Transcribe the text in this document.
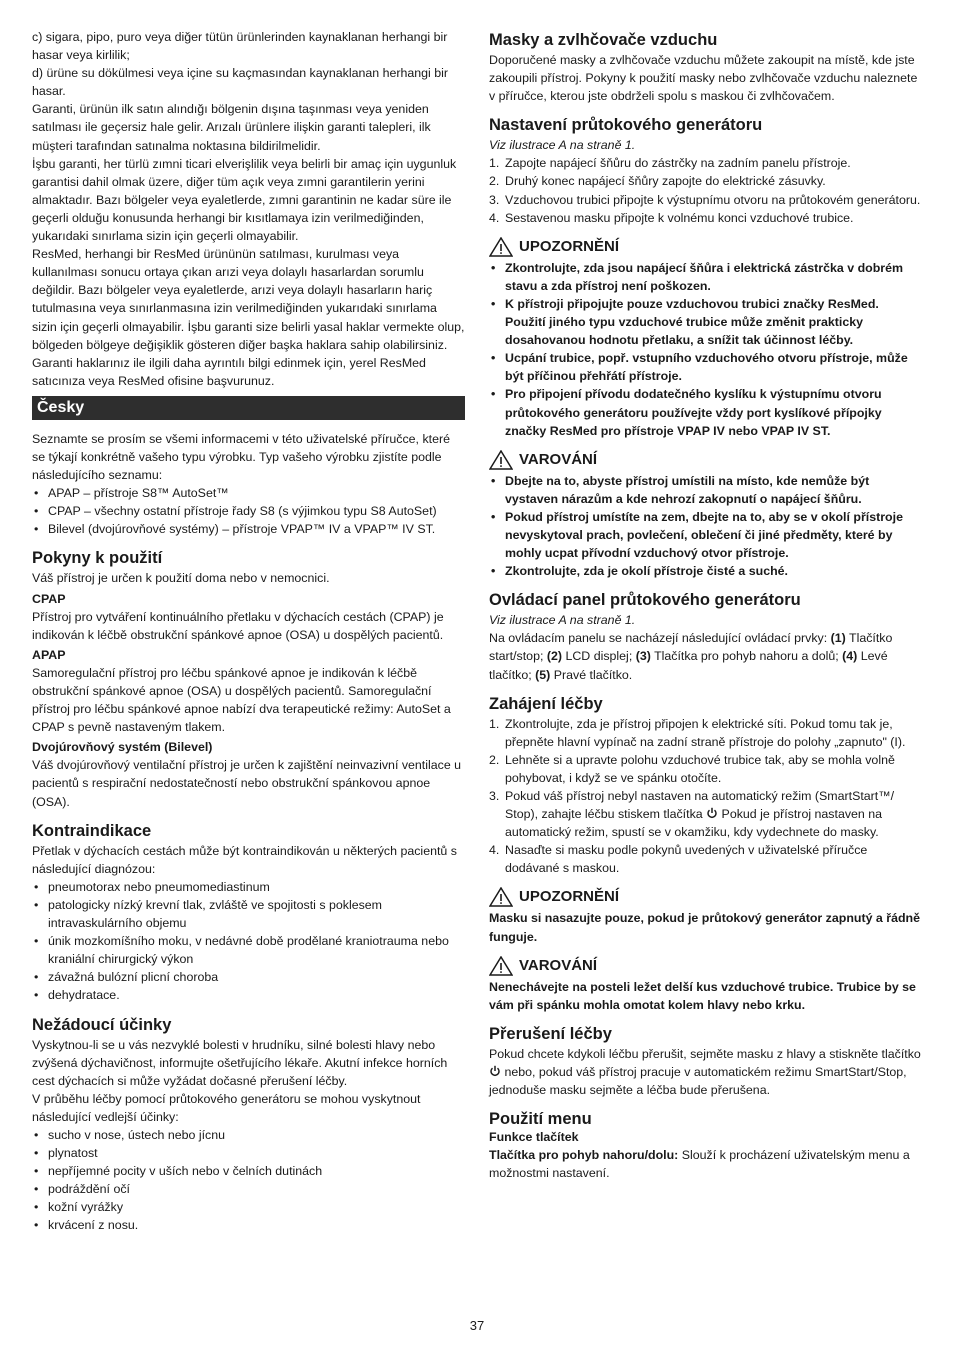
c) sigara, pipo, puro veya diğer tütün ürünlerinden kaynaklanan herhangi bir hasar veya kirlilik;

d) ürüne su dökülmesi veya içine su kaçmasından kaynaklanan herhangi bir hasar.

Garanti, ürünün ilk satın alındığı bölgenin dışına taşınması veya yeniden satılması ile geçersiz hale gelir. Arızalı ürünlere ilişkin garanti talepleri, ilk müşteri tarafından satınalma noktasına bildirilmelidir.

İşbu garanti, her türlü zımni ticari elverişlilik veya belirli bir amaç için uygunluk garantisi dahil olmak üzere, diğer tüm açık veya zımni garantilerin yerini almaktadır. Bazı bölgeler veya eyaletlerde, zımni garantinin ne kadar süre ile geçerli olduğu konusunda herhangi bir kısıtlamaya izin verilmediğinden, yukarıdaki sınırlama sizin için geçerli olmayabilir.

ResMed, herhangi bir ResMed ürününün satılması, kurulması veya kullanılması sonucu ortaya çıkan arızi veya dolaylı hasarlardan sorumlu değildir. Bazı bölgeler veya eyaletlerde, arızi veya dolaylı hasarların hariç tutulmasına veya sınırlanmasına izin verilmediğinden yukarıdaki sınırlama sizin için geçerli olmayabilir. İşbu garanti size belirli yasal haklar vermekte olup, bölgeden bölgeye değişiklik gösteren diğer başka haklara sahip olabilirsiniz.

Garanti haklarınız ile ilgili daha ayrıntılı bilgi edinmek için, yerel ResMed satıcınıza veya ResMed ofisine başvurunuz.

Česky

Seznamte se prosím se všemi informacemi v této uživatelské příručce, které se týkají konkrétně vašeho typu výrobku. Typ vašeho výrobku zjistíte podle následujícího seznamu:

• APAP – přístroje S8™ AutoSet™
• CPAP – všechny ostatní přístroje řady S8 (s výjimkou typu S8 AutoSet)
• Bilevel (dvojúrovňové systémy) – přístroje VPAP™ IV a VPAP™ IV ST.
Pokyny k použití

Váš přístroj je určen k použití doma nebo v nemocnici.

CPAP

Přístroj pro vytváření kontinuálního přetlaku v dýchacích cestách (CPAP) je indikován k léčbě obstrukční spánkové apnoe (OSA) u dospělých pacientů.

APAP

Samoregulační přístroj pro léčbu spánkové apnoe je indikován k léčbě obstrukční spánkové apnoe (OSA) u dospělých pacientů. Samoregulační přístroj pro léčbu spánkové apnoe nabízí dva terapeutické režimy: AutoSet a CPAP s pevně nastaveným tlakem.

Dvojúrovňový systém (Bilevel)

Váš dvojúrovňový ventilační přístroj je určen k zajištění neinvazivní ventilace u pacientů s respirační nedostatečností nebo obstrukční spánkovou apnoe (OSA).

Kontraindikace

Přetlak v dýchacích cestách může být kontraindikován u některých pacientů s následující diagnózou:

• pneumotorax nebo pneumomediastinum
• patologicky nízký krevní tlak, zvláště ve spojitosti s poklesem intravaskulárního objemu
• únik mozkomíšního moku, v nedávné době prodělané kraniotrauma nebo kraniální chirurgický výkon
• závažná bulózní plicní choroba
• dehydratace.
Nežádoucí účinky

Vyskytnou-li se u vás nezvyklé bolesti v hrudníku, silné bolesti hlavy nebo zvýšená dýchavičnost, informujte ošetřujícího lékaře. Akutní infekce horních cest dýchacích si může vyžádat dočasné přerušení léčby.

V průběhu léčby pomocí průtokového generátoru se mohou vyskytnout následující vedlejší účinky:

• sucho v nose, ústech nebo jícnu
• plynatost
• nepříjemné pocity v uších nebo v čelních dutinách
• podráždění očí
• kožní vyrážky
• krvácení z nosu.
Masky a zvlhčovače vzduchu

Doporučené masky a zvlhčovače vzduchu můžete zakoupit na místě, kde jste zakoupili přístroj. Pokyny k použití masky nebo zvlhčovače vzduchu naleznete v příručce, kterou jste obdrželi spolu s maskou či zvlhčovačem.

Nastavení průtokového generátoru

Viz ilustrace A na straně 1.

1. Zapojte napájecí šňůru do zástrčky na zadním panelu přístroje.
2. Druhý konec napájecí šňůry zapojte do elektrické zásuvky.
3. Vzduchovou trubici připojte k výstupnímu otvoru na průtokovém generátoru.
4. Sestavenou masku připojte k volnému konci vzduchové trubice.
UPOZORNĚNÍ
• Zkontrolujte, zda jsou napájecí šňůra i elektrická zástrčka v dobrém stavu a zda přístroj není poškozen.
• K přístroji připojujte pouze vzduchovou trubici značky ResMed. Použití jiného typu vzduchové trubice může změnit prakticky dosahovanou hodnotu přetlaku, a snížit tak účinnost léčby.
• Ucpání trubice, popř. vstupního vzduchového otvoru přístroje, může být příčinou přehřátí přístroje.
• Pro připojení přívodu dodatečného kyslíku k výstupnímu otvoru průtokového generátoru používejte vždy port kyslíkové přípojky značky ResMed pro přístroje VPAP IV nebo VPAP IV ST.
VAROVÁNÍ
• Dbejte na to, abyste přístroj umístili na místo, kde nemůže být vystaven nárazům a kde nehrozí zakopnutí o napájecí šňůru.
• Pokud přístroj umístíte na zem, dbejte na to, aby se v okolí přístroje nevyskytoval prach, povlečení, oblečení či jiné předměty, které by mohly ucpat přívodní vzduchový otvor přístroje.
• Zkontrolujte, zda je okolí přístroje čisté a suché.
Ovládací panel průtokového generátoru

Viz ilustrace A na straně 1.

Na ovládacím panelu se nacházejí následující ovládací prvky: (1) Tlačítko start/stop; (2) LCD displej; (3) Tlačítka pro pohyb nahoru a dolů; (4) Levé tlačítko; (5) Pravé tlačítko.

Zahájení léčby
1. Zkontrolujte, zda je přístroj připojen k elektrické síti. Pokud tomu tak je, přepněte hlavní vypínač na zadní straně přístroje do polohy „zapnuto" (I).
2. Lehněte si a upravte polohu vzduchové trubice tak, aby se mohla volně pohybovat, i když se ve spánku otočíte.
3. Pokud váš přístroj nebyl nastaven na automatický režim (SmartStart™/ Stop), zahajte léčbu stiskem tlačítka  Pokud je přístroj nastaven na automatický režim, spustí se v okamžiku, kdy vydechnete do masky.
4. Nasaďte si masku podle pokynů uvedených v uživatelské příručce dodávané s maskou.
UPOZORNĚNÍ

Masku si nasazujte pouze, pokud je průtokový generátor zapnutý a řádně funguje.

VAROVÁNÍ

Nenechávejte na posteli ležet delší kus vzduchové trubice. Trubice by se vám při spánku mohla omotat kolem hlavy nebo krku.

Přerušení léčby

Pokud chcete kdykoli léčbu přerušit, sejměte masku z hlavy a stiskněte tlačítko  nebo, pokud váš přístroj pracuje v automatickém režimu SmartStart/Stop, jednoduše masku sejměte a léčba bude přerušena.

Použití menu
Funkce tlačítek

Tlačítka pro pohyb nahoru/dolu: Slouží k procházení uživatelským menu a možnostmi nastavení.

37
